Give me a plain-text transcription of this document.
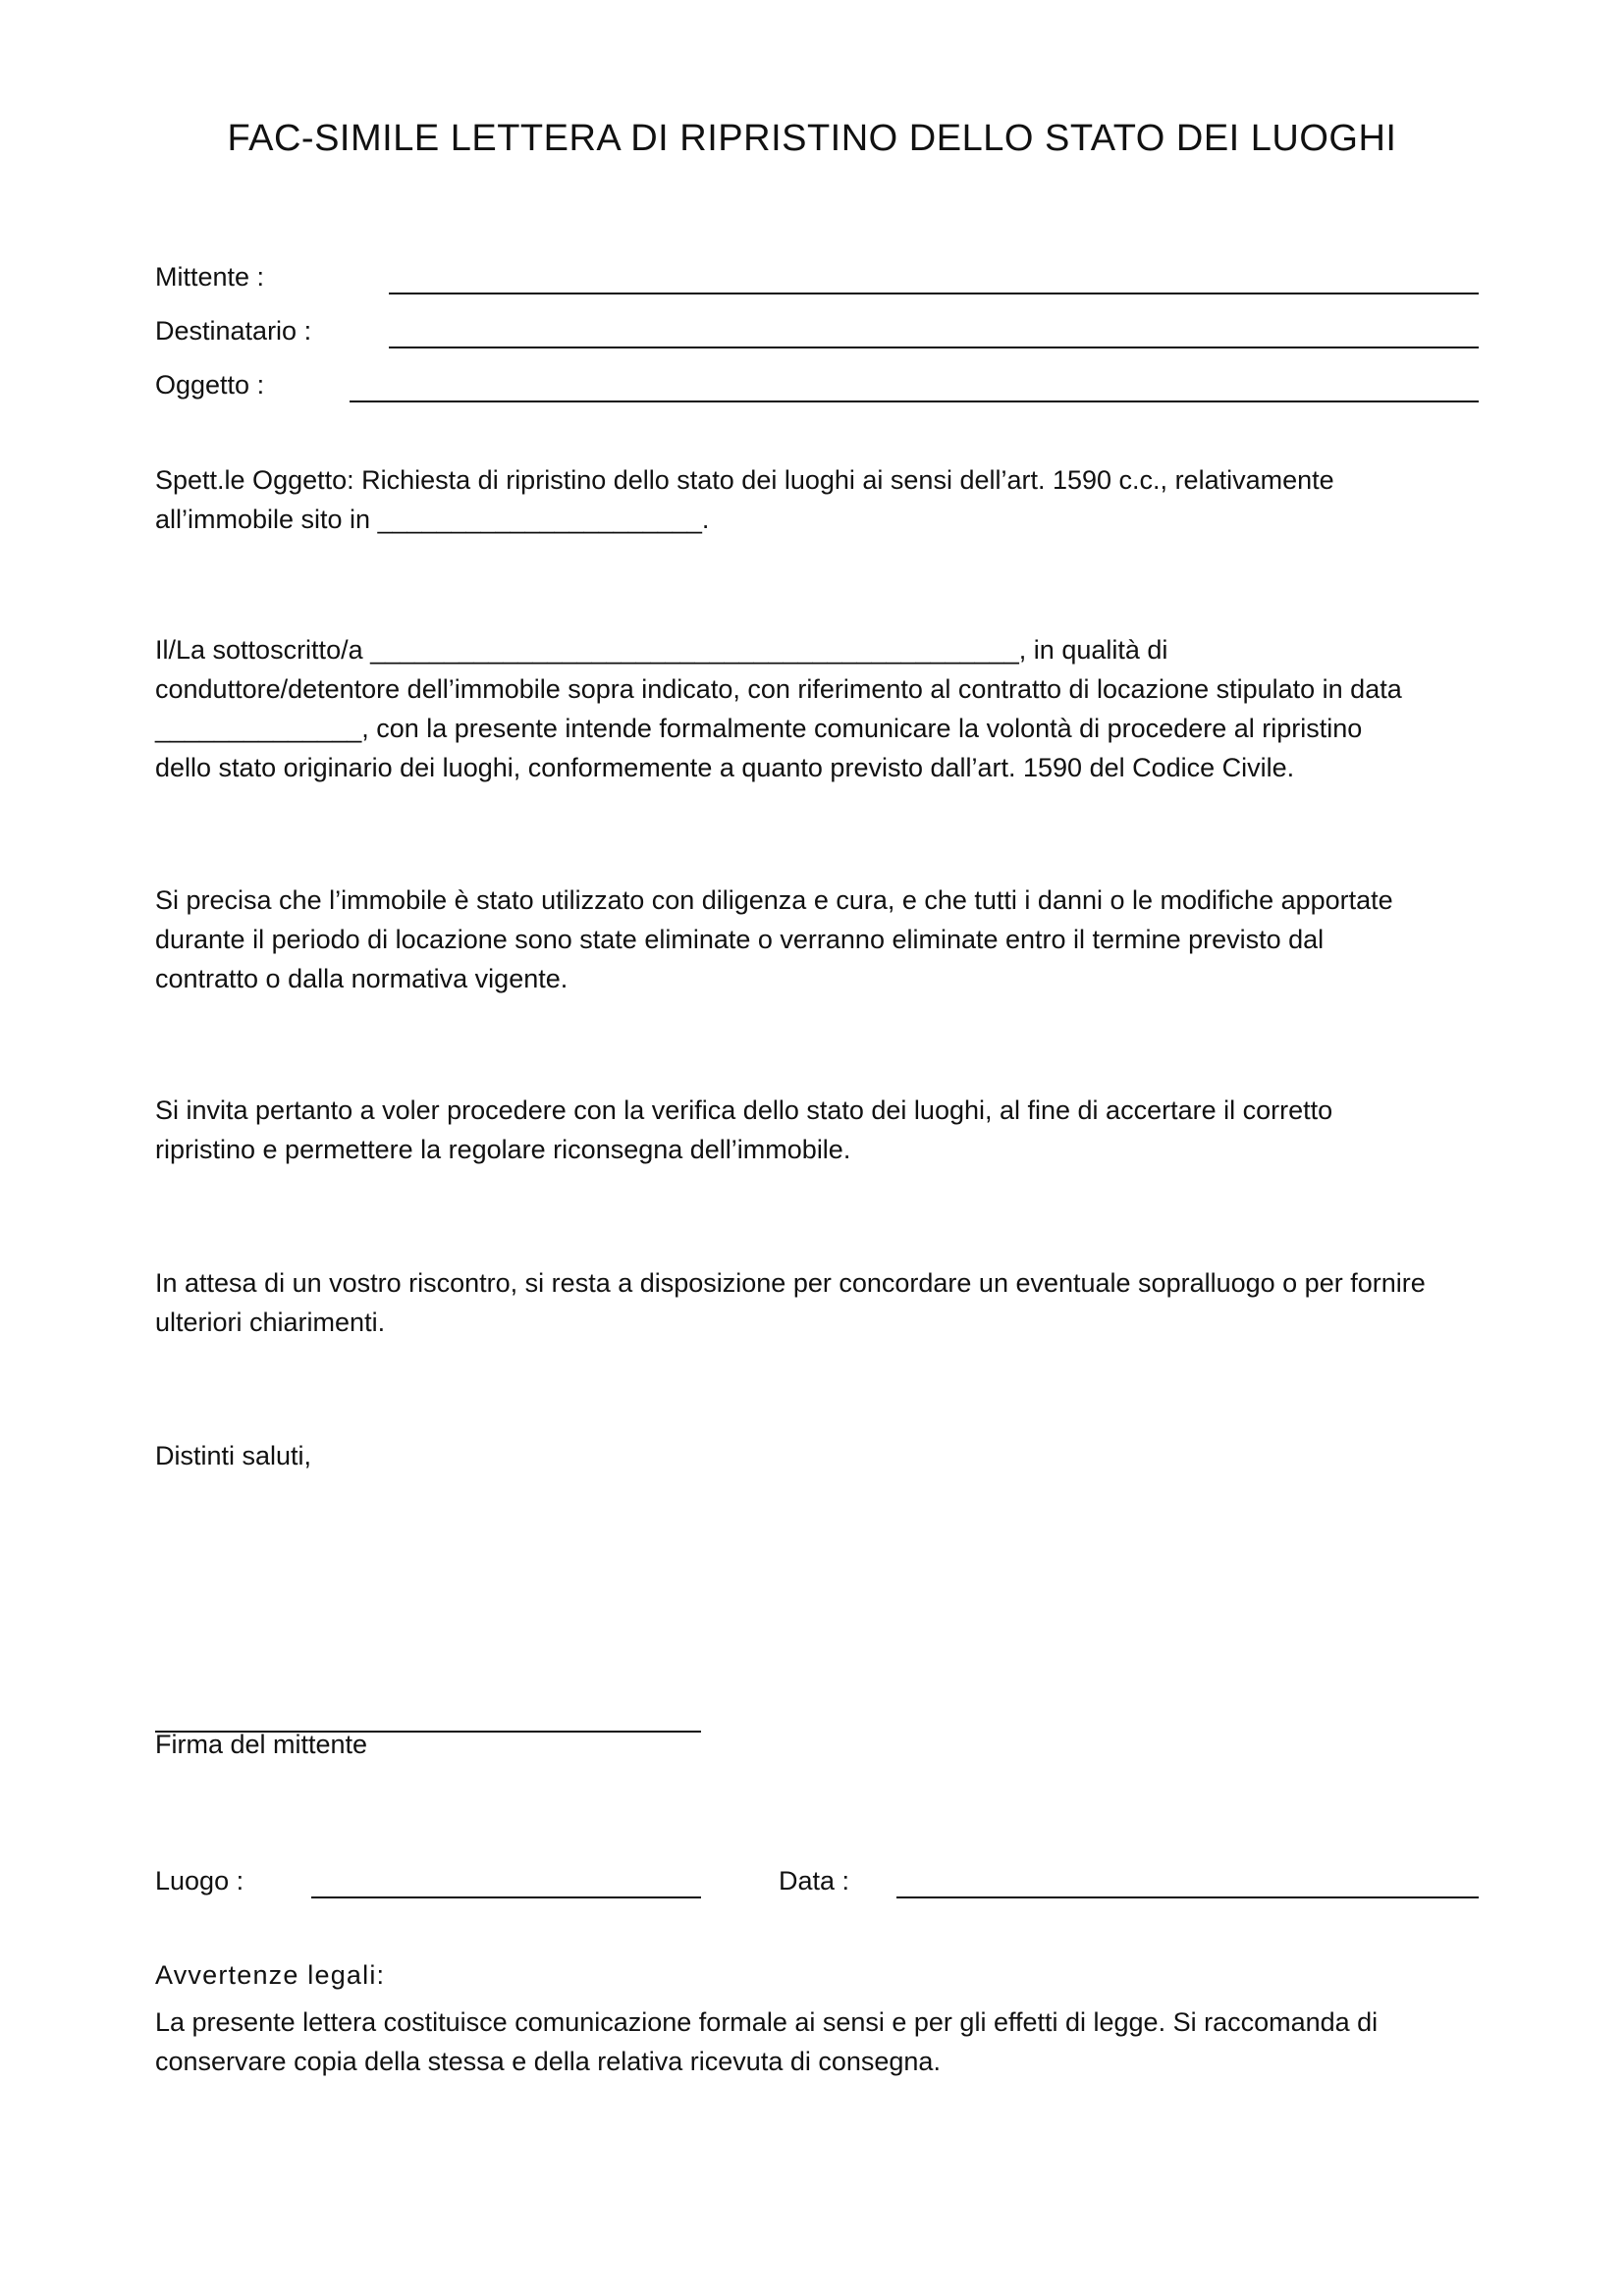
FAC-SIMILE LETTERA DI RIPRISTINO DELLO STATO DEI LUOGHI
Mittente :
Destinatario :
Oggetto :
Spett.le Oggetto: Richiesta di ripristino dello stato dei luoghi ai sensi dell’art. 1590 c.c., relativamente
all’immobile sito in ______________________.
Il/La sottoscritto/a ____________________________________________, in qualità di
conduttore/detentore dell’immobile sopra indicato, con riferimento al contratto di locazione stipulato in data
______________, con la presente intende formalmente comunicare la volontà di procedere al ripristino
dello stato originario dei luoghi, conformemente a quanto previsto dall’art. 1590 del Codice Civile.
Si precisa che l’immobile è stato utilizzato con diligenza e cura, e che tutti i danni o le modifiche apportate
durante il periodo di locazione sono state eliminate o verranno eliminate entro il termine previsto dal
contratto o dalla normativa vigente.
Si invita pertanto a voler procedere con la verifica dello stato dei luoghi, al fine di accertare il corretto
ripristino e permettere la regolare riconsegna dell’immobile.
In attesa di un vostro riscontro, si resta a disposizione per concordare un eventuale sopralluogo o per fornire
ulteriori chiarimenti.
Distinti saluti,
Firma del mittente
Luogo :	Data :
Avvertenze legali:
La presente lettera costituisce comunicazione formale ai sensi e per gli effetti di legge. Si raccomanda di
conservare copia della stessa e della relativa ricevuta di consegna.
